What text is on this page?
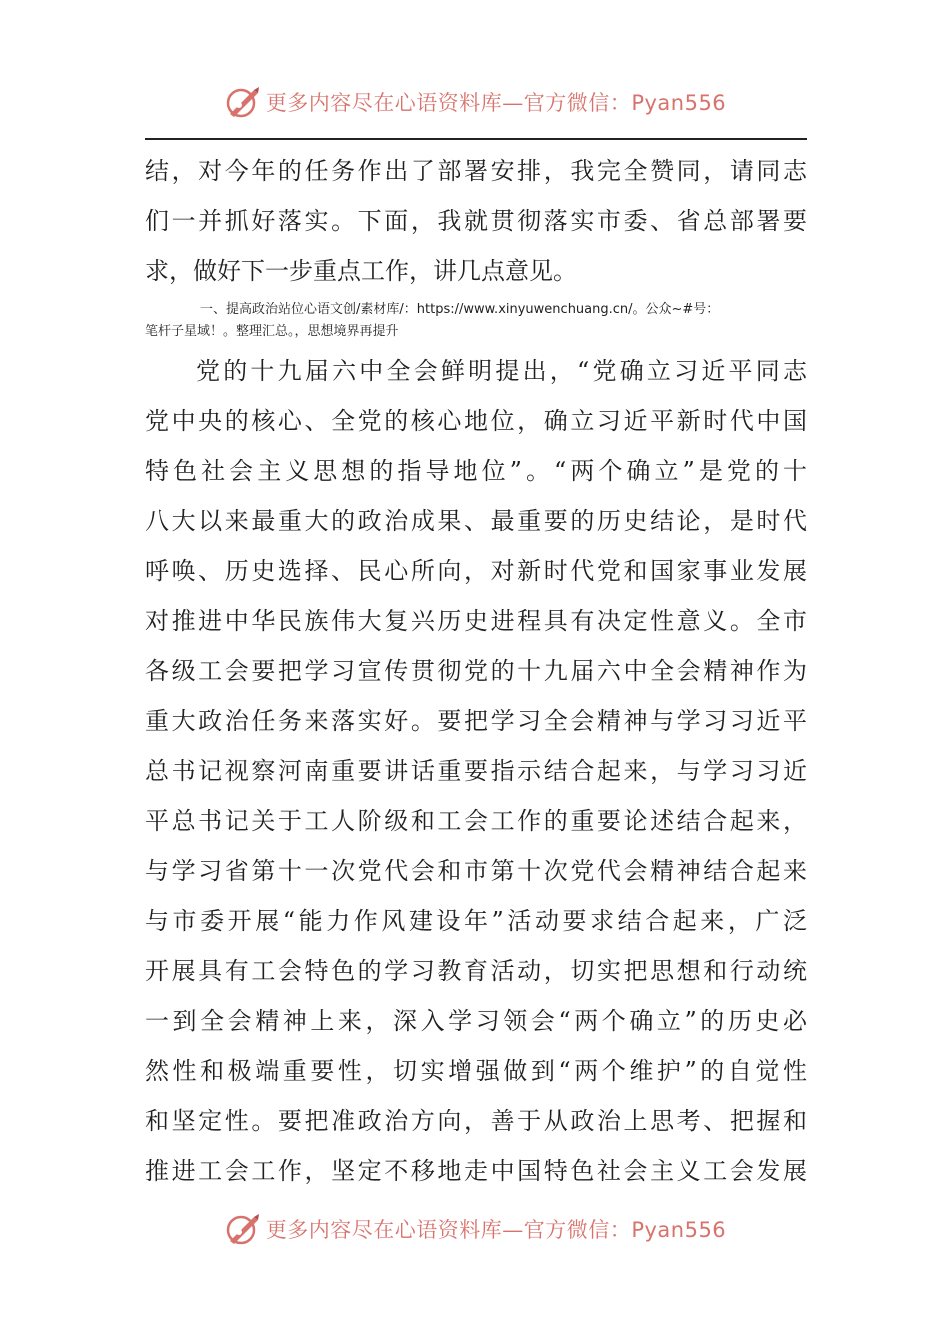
更多内容尽在心语资料库—官方微信：Pyan556
结，对今年的任务作出了部署安排，我完全赞同，请同志
们一并抓好落实。下面，我就贯彻落实市委、省总部署要
求，做好下一步重点工作，讲几点意见。
一、提高政治站位心语文创/素材库/：https://www.xinyuwenchuang.cn/。公众~#号：
笔杆子星域！。整理汇总。，思想境界再提升
党的十九届六中全会鲜明提出，“党确立习近平同志
党中央的核心、全党的核心地位，确立习近平新时代中国
特色社会主义思想的指导地位”。“两个确立”是党的十
八大以来最重大的政治成果、最重要的历史结论，是时代
呼唤、历史选择、民心所向，对新时代党和国家事业发展
对推进中华民族伟大复兴历史进程具有决定性意义。全市
各级工会要把学习宣传贯彻党的十九届六中全会精神作为
重大政治任务来落实好。要把学习全会精神与学习习近平
总书记视察河南重要讲话重要指示结合起来，与学习习近
平总书记关于工人阶级和工会工作的重要论述结合起来，
与学习省第十一次党代会和市第十次党代会精神结合起来
与市委开展“能力作风建设年”活动要求结合起来，广泛
开展具有工会特色的学习教育活动，切实把思想和行动统
一到全会精神上来，深入学习领会“两个确立”的历史必
然性和极端重要性，切实增强做到“两个维护”的自觉性
和坚定性。要把准政治方向，善于从政治上思考、把握和
推进工会工作，坚定不移地走中国特色社会主义工会发展
更多内容尽在心语资料库—官方微信：Pyan556
